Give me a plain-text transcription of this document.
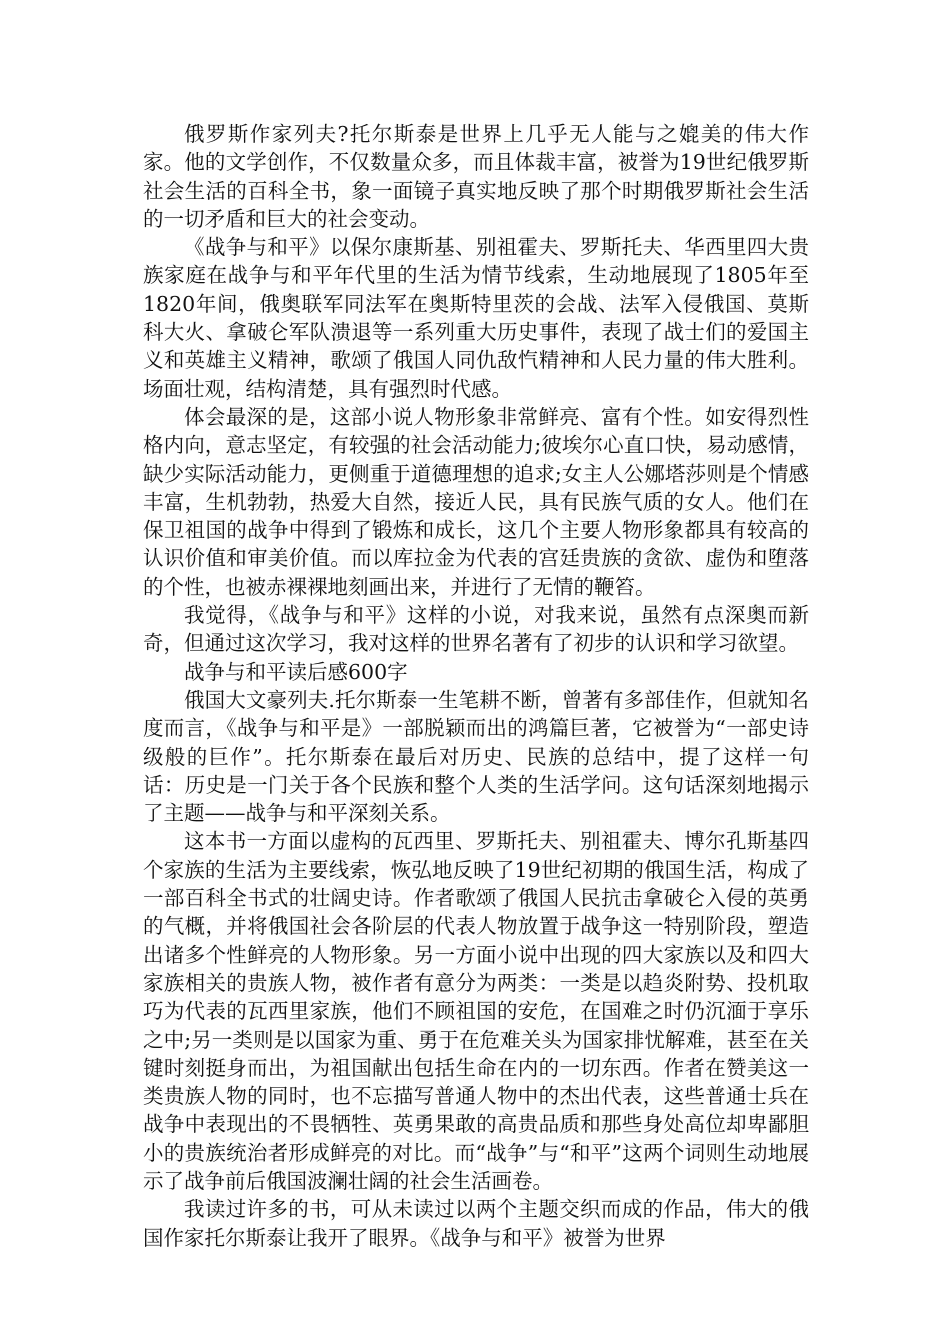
俄罗斯作家列夫?托尔斯泰是世界上几乎无人能与之媲美的伟大作家。他的文学创作，不仅数量众多，而且体裁丰富，被誉为19世纪俄罗斯社会生活的百科全书，象一面镜子真实地反映了那个时期俄罗斯社会生活的一切矛盾和巨大的社会变动。

《战争与和平》以保尔康斯基、别祖霍夫、罗斯托夫、华西里四大贵族家庭在战争与和平年代里的生活为情节线索，生动地展现了1805年至1820年间，俄奥联军同法军在奥斯特里茨的会战、法军入侵俄国、莫斯科大火、拿破仑军队溃退等一系列重大历史事件，表现了战士们的爱国主义和英雄主义精神，歌颂了俄国人同仇敌忾精神和人民力量的伟大胜利。场面壮观，结构清楚，具有强烈时代感。

体会最深的是，这部小说人物形象非常鲜亮、富有个性。如安得烈性格内向，意志坚定，有较强的社会活动能力;彼埃尔心直口快，易动感情，缺少实际活动能力，更侧重于道德理想的追求;女主人公娜塔莎则是个情感丰富，生机勃勃，热爱大自然，接近人民，具有民族气质的女人。他们在保卫祖国的战争中得到了锻炼和成长，这几个主要人物形象都具有较高的认识价值和审美价值。而以库拉金为代表的宫廷贵族的贪欲、虚伪和堕落的个性，也被赤裸裸地刻画出来，并进行了无情的鞭笞。

我觉得，《战争与和平》这样的小说，对我来说，虽然有点深奥而新奇，但通过这次学习，我对这样的世界名著有了初步的认识和学习欲望。

战争与和平读后感600字

俄国大文豪列夫.托尔斯泰一生笔耕不断，曾著有多部佳作，但就知名度而言，《战争与和平是》一部脱颖而出的鸿篇巨著，它被誉为“一部史诗级般的巨作”。托尔斯泰在最后对历史、民族的总结中，提了这样一句话：历史是一门关于各个民族和整个人类的生活学问。这句话深刻地揭示了主题——战争与和平深刻关系。

这本书一方面以虚构的瓦西里、罗斯托夫、别祖霍夫、博尔孔斯基四个家族的生活为主要线索，恢弘地反映了19世纪初期的俄国生活，构成了一部百科全书式的壮阔史诗。作者歌颂了俄国人民抗击拿破仑入侵的英勇的气概，并将俄国社会各阶层的代表人物放置于战争这一特别阶段，塑造出诸多个性鲜亮的人物形象。另一方面小说中出现的四大家族以及和四大家族相关的贵族人物，被作者有意分为两类：一类是以趋炎附势、投机取巧为代表的瓦西里家族，他们不顾祖国的安危，在国难之时仍沉湎于享乐之中;另一类则是以国家为重、勇于在危难关头为国家排忧解难，甚至在关键时刻挺身而出，为祖国献出包括生命在内的一切东西。作者在赞美这一类贵族人物的同时，也不忘描写普通人物中的杰出代表，这些普通士兵在战争中表现出的不畏牺牲、英勇果敢的高贵品质和那些身处高位却卑鄙胆小的贵族统治者形成鲜亮的对比。而“战争”与“和平”这两个词则生动地展示了战争前后俄国波澜壮阔的社会生活画卷。

我读过许多的书，可从未读过以两个主题交织而成的作品，伟大的俄国作家托尔斯泰让我开了眼界。《战争与和平》被誉为世界
